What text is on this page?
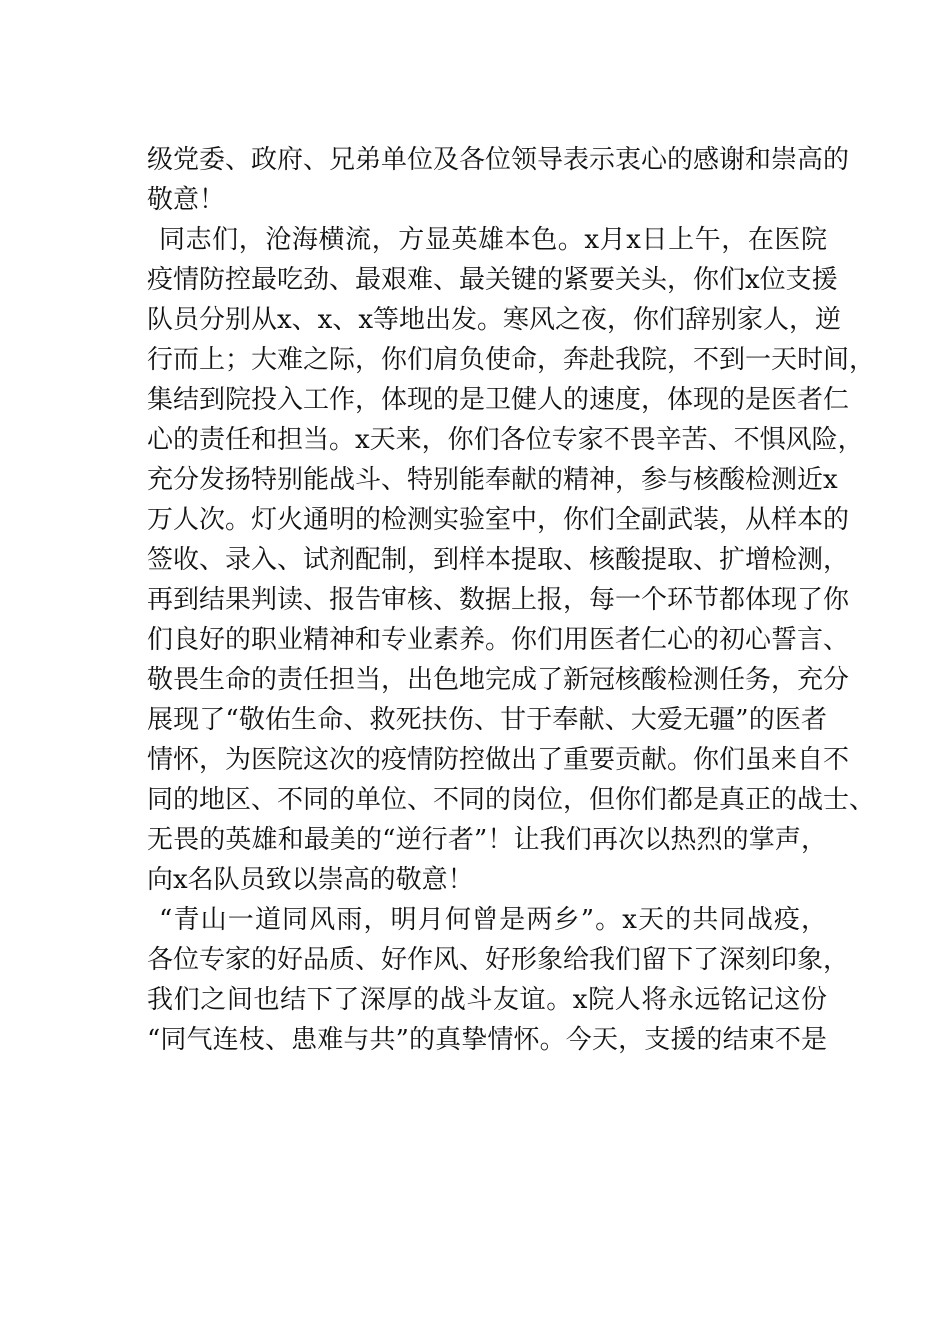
级党委、政府、兄弟单位及各位领导表示衷心的感谢和崇高的
敬意！
同志们，沧海横流，方显英雄本色。x月x日上午，在医院
疫情防控最吃劲、最艰难、最关键的紧要关头，你们x位支援
队员分别从x、x、x等地出发。寒风之夜，你们辞别家人，逆
行而上；大难之际，你们肩负使命，奔赴我院，不到一天时间，
集结到院投入工作，体现的是卫健人的速度，体现的是医者仁
心的责任和担当。x天来，你们各位专家不畏辛苦、不惧风险，
充分发扬特别能战斗、特别能奉献的精神，参与核酸检测近x
万人次。灯火通明的检测实验室中，你们全副武装，从样本的
签收、录入、试剂配制，到样本提取、核酸提取、扩增检测，
再到结果判读、报告审核、数据上报，每一个环节都体现了你
们良好的职业精神和专业素养。你们用医者仁心的初心誓言、
敬畏生命的责任担当，出色地完成了新冠核酸检测任务，充分
展现了“敬佑生命、救死扶伤、甘于奉献、大爱无疆”的医者
情怀，为医院这次的疫情防控做出了重要贡献。你们虽来自不
同的地区、不同的单位、不同的岗位，但你们都是真正的战士、
无畏的英雄和最美的“逆行者”！让我们再次以热烈的掌声，
向x名队员致以崇高的敬意！
“青山一道同风雨，明月何曾是两乡”。x天的共同战疫，
各位专家的好品质、好作风、好形象给我们留下了深刻印象，
我们之间也结下了深厚的战斗友谊。x院人将永远铭记这份
“同气连枝、患难与共”的真挚情怀。今天，支援的结束不是
